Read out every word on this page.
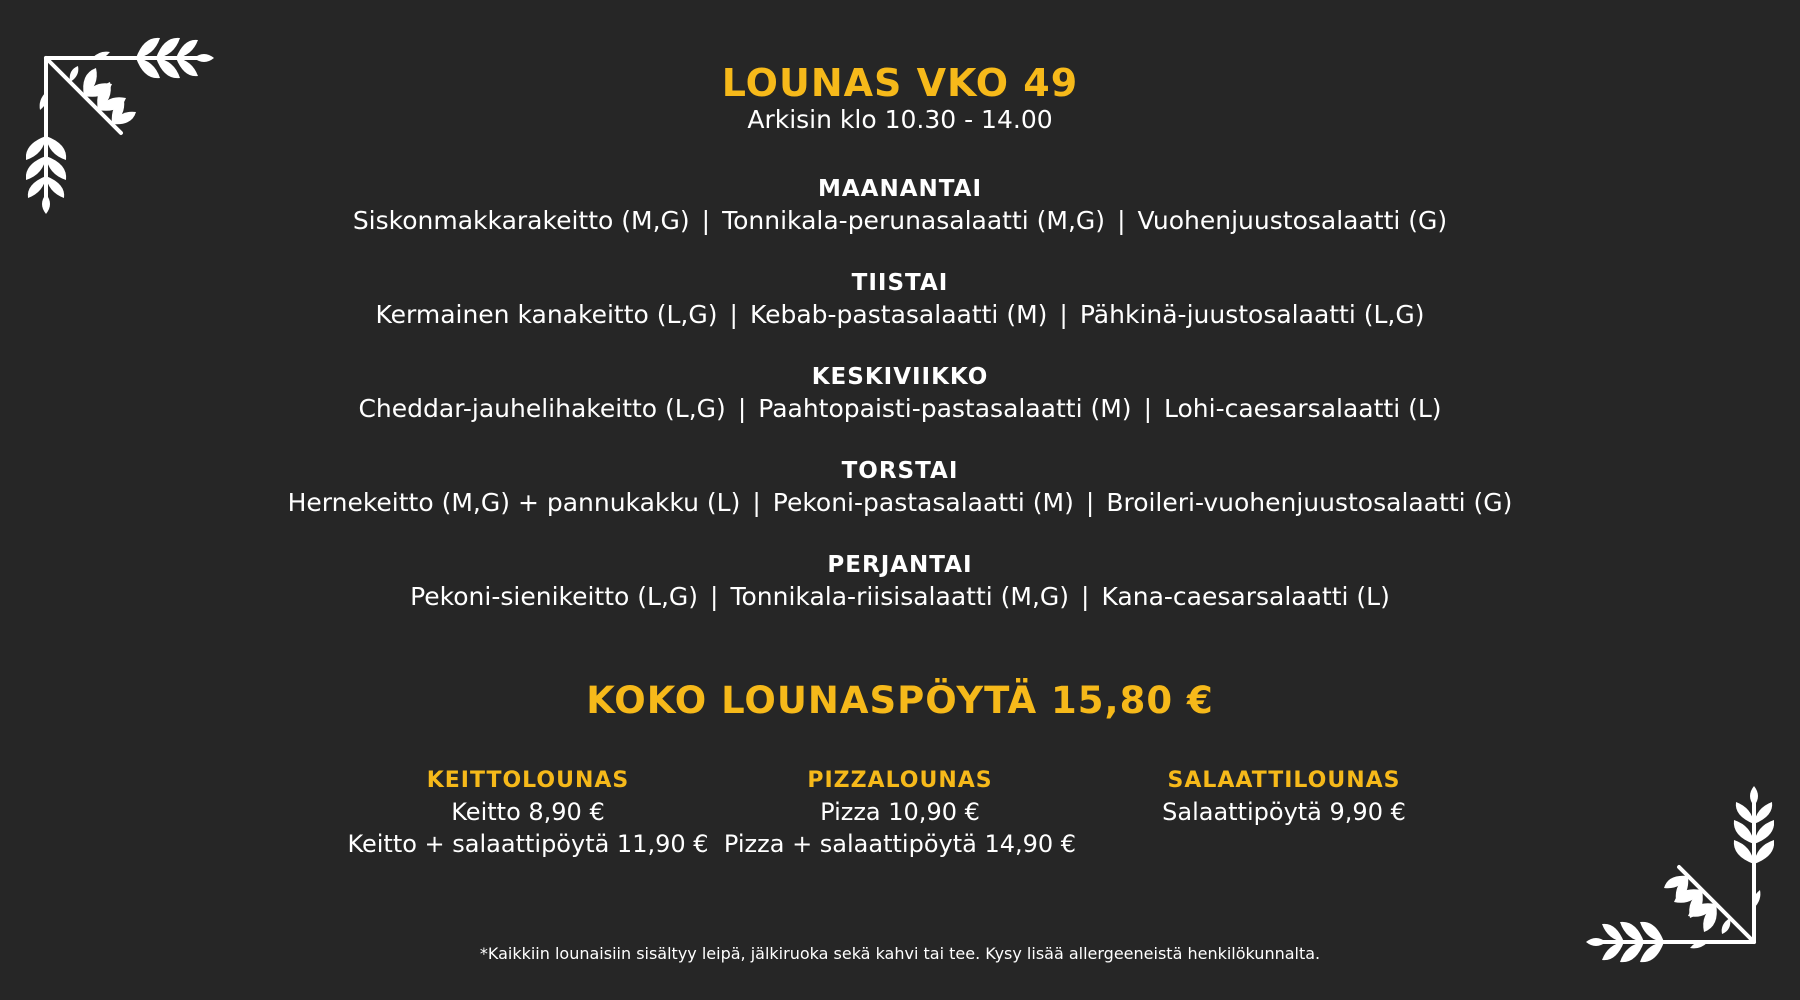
LOUNAS VKO 49
Arkisin klo 10.30 - 14.00
MAANANTAI
Siskonmakkarakeitto (M,G) | Tonnikala-perunasalaatti (M,G) | Vuohenjuustosalaatti (G)
TIISTAI
Kermainen kanakeitto (L,G) | Kebab-pastasalaatti (M) | Pähkinä-juustosalaatti (L,G)
KESKIVIIKKO
Cheddar-jauhelihakeitto (L,G) | Paahtopaisti-pastasalaatti (M) | Lohi-caesarsalaatti (L)
TORSTAI
Hernekeitto (M,G) + pannukakku (L) | Pekoni-pastasalaatti (M) | Broileri-vuohenjuustosalaatti (G)
PERJANTAI
Pekoni-sienikeitto (L,G) | Tonnikala-riisisalaatti (M,G) | Kana-caesarsalaatti (L)
KOKO LOUNASPÖYTÄ 15,80 €
KEITTOLOUNAS
Keitto 8,90 €
Keitto + salaattipöytä 11,90 €
PIZZALOUNAS
Pizza 10,90 €
Pizza + salaattipöytä 14,90 €
SALAATTILOUNAS
Salaattipöytä 9,90 €
*Kaikkiin lounaisiin sisältyy leipä, jälkiruoka sekä kahvi tai tee. Kysy lisää allergeeneistä henkilökunnalta.
